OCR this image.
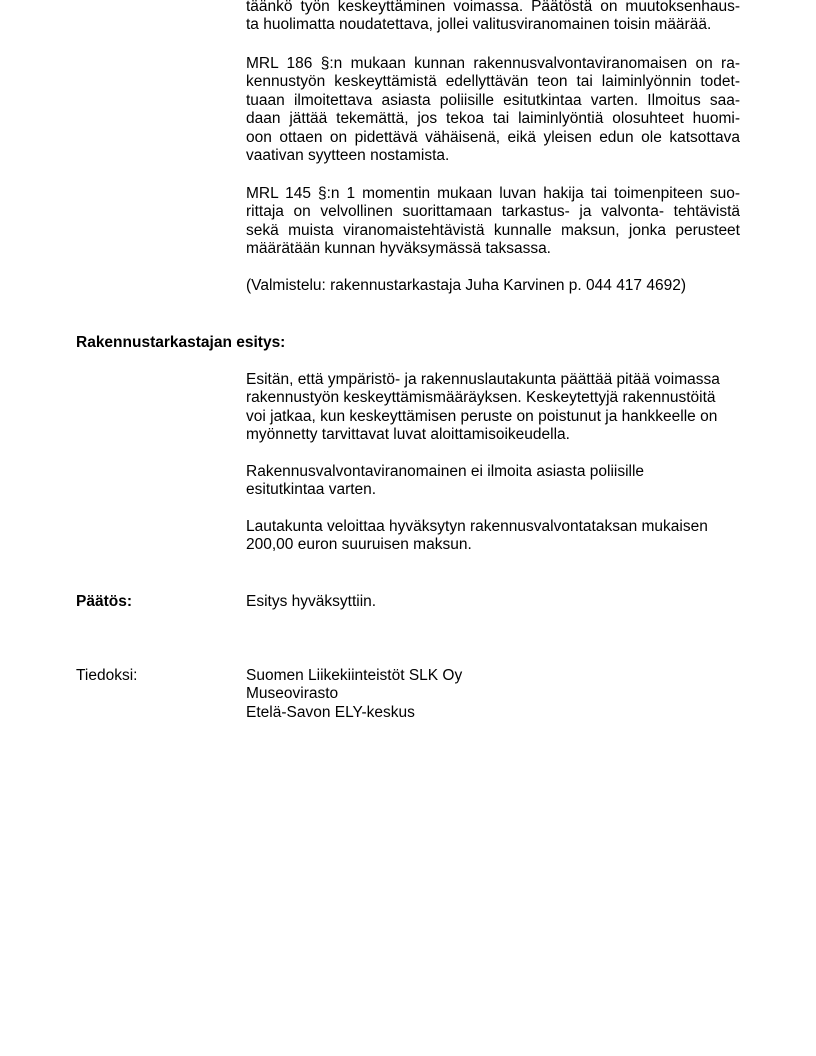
täänkö työn keskeyttäminen voimassa. Päätöstä on muutoksenhaus-
ta huolimatta noudatettava, jollei valitusviranomainen toisin määrää.
MRL 186 §:n mukaan kunnan rakennusvalvontaviranomaisen on ra-
kennustyön keskeyttämistä edellyttävän teon tai laiminlyönnin todet-
tuaan ilmoitettava asiasta poliisille esitutkintaa varten. Ilmoitus saa-
daan jättää tekemättä, jos tekoa tai laiminlyöntiä olosuhteet huomi-
oon ottaen on pidettävä vähäisenä, eikä yleisen edun ole katsottava
vaativan syytteen nostamista.
MRL 145 §:n 1 momentin mukaan luvan hakija tai toimenpiteen suo-
rittaja on velvollinen suorittamaan tarkastus- ja valvonta- tehtävistä
sekä muista viranomaistehtävistä kunnalle maksun, jonka perusteet
määrätään kunnan hyväksymässä taksassa.
(Valmistelu: rakennustarkastaja Juha Karvinen p. 044 417 4692)
Rakennustarkastajan esitys:
Esitän, että ympäristö- ja rakennuslautakunta päättää pitää voimassa
rakennustyön keskeyttämismääräyksen. Keskeytettyjä rakennustöitä
voi jatkaa, kun keskeyttämisen peruste on poistunut ja hankkeelle on
myönnetty tarvittavat luvat aloittamisoikeudella.
Rakennusvalvontaviranomainen ei ilmoita asiasta poliisille
esitutkintaa varten.
Lautakunta veloittaa hyväksytyn rakennusvalvontataksan mukaisen
200,00 euron suuruisen maksun.
Päätös:	Esitys hyväksyttiin.
Tiedoksi:	Suomen Liikekiinteistöt SLK Oy
Museovirasto
Etelä-Savon ELY-keskus
